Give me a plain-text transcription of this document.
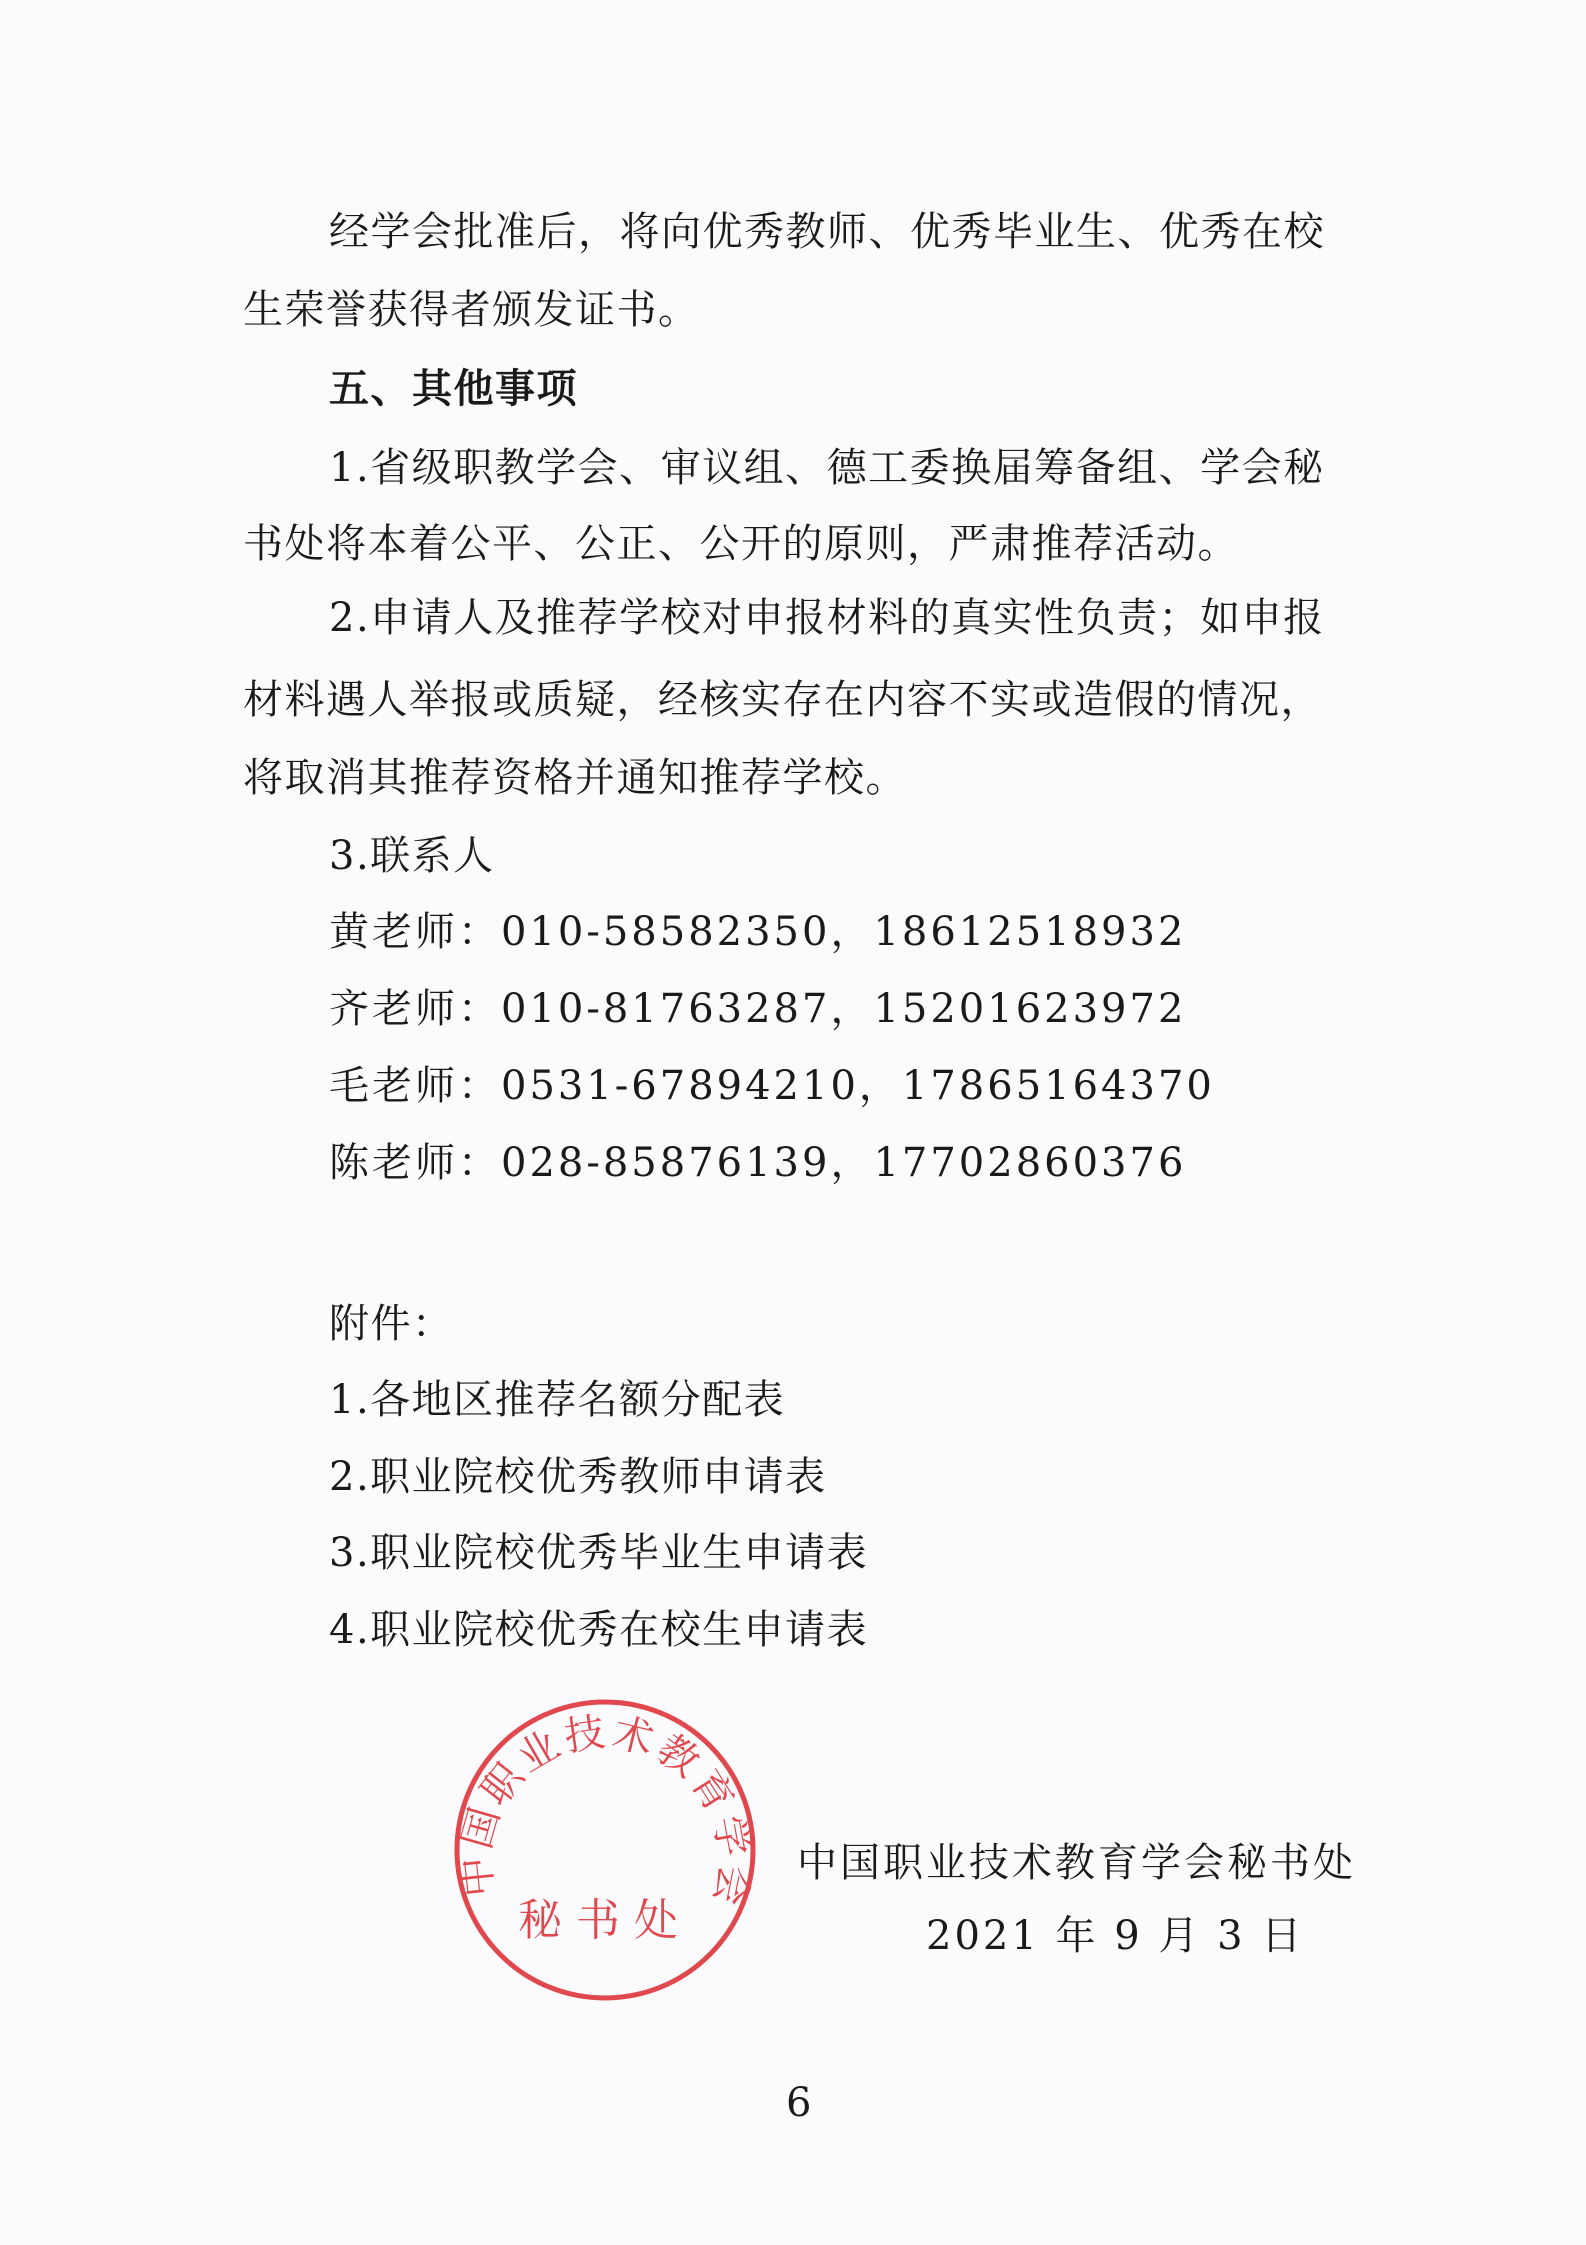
经学会批准后，将向优秀教师、优秀毕业生、优秀在校
生荣誉获得者颁发证书。
五、其他事项
1.省级职教学会、审议组、德工委换届筹备组、学会秘
书处将本着公平、公正、公开的原则，严肃推荐活动。
2.申请人及推荐学校对申报材料的真实性负责；如申报
材料遇人举报或质疑，经核实存在内容不实或造假的情况，
将取消其推荐资格并通知推荐学校。
3.联系人
黄老师：010-58582350，18612518932
齐老师：010-81763287，15201623972
毛老师：0531-67894210，17865164370
陈老师：028-85876139，17702860376
附件：
1.各地区推荐名额分配表
2.职业院校优秀教师申请表
3.职业院校优秀毕业生申请表
4.职业院校优秀在校生申请表
中国职业技术教育学会
秘书处
中国职业技术教育学会秘书处
2021 年 9 月 3 日
6
